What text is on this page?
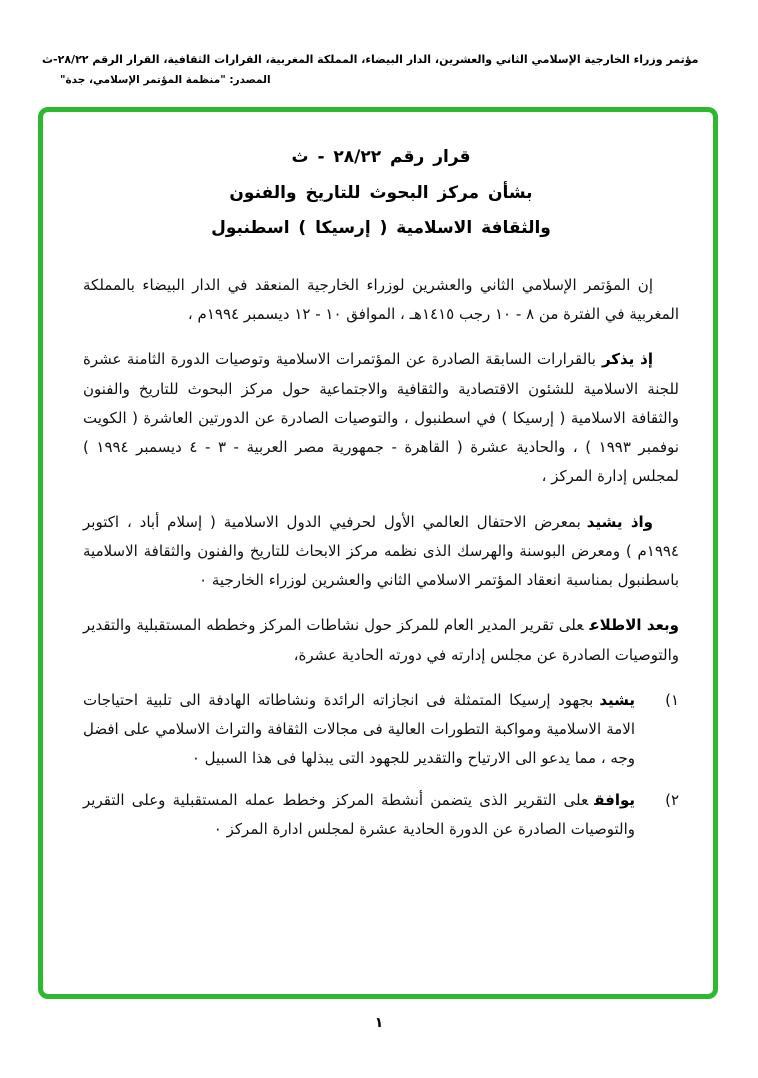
مؤتمر وزراء الخارجية الإسلامي الثاني والعشرين، الدار البيضاء، المملكة المغربية، القرارات الثقافية، القرار الرقم ٢٨/٢٢-ث
المصدر: "منظمة المؤتمر الإسلامي، جدة"
قرار رقم ٢٨/٢٢ - ث
بشأن مركز البحوث للتاريخ والفنون
والثقافة الاسلامية ( إرسيكا ) اسطنبول

إن المؤتمر الإسلامي الثاني والعشرين لوزراء الخارجية المنعقد في الدار البيضاء بالمملكة المغربية في الفترة من ٨ - ١٠ رجب ١٤١٥هـ ، الموافق ١٠ - ١٢ ديسمبر ١٩٩٤م ،

إذ يذكربالقرارات السابقة الصادرة عن المؤتمرات الاسلامية وتوصيات الدورة الثامنة عشرة للجنة الاسلامية للشئون الاقتصادية والثقافية والاجتماعية حول مركز البحوث للتاريخ والفنون والثقافة الاسلامية ( إرسيكا ) في اسطنبول ، والتوصيات الصادرة عن الدورتين العاشرة ( الكويت نوفمبر ١٩٩٣ ) ، والحادية عشرة ( القاهرة - جمهورية مصر العربية - ٣ - ٤ ديسمبر ١٩٩٤ ) لمجلس إدارة المركز ،

واذ يشيدبمعرض الاحتفال العالمي الأول لحرفيي الدول الاسلامية ( إسلام أباد ، اكتوبر ١٩٩٤م ) ومعرض البوسنة والهرسك الذى نظمه مركز الابحاث للتاريخ والفنون والثقافة الاسلامية باسطنبول بمناسبة انعقاد المؤتمر الاسلامي الثاني والعشرين لوزراء الخارجية ٠

وبعد الاطلاععلى تقرير المدير العام للمركز حول نشاطات المركز وخططه المستقبلية والتقدير والتوصيات الصادرة عن مجلس إدارته في دورته الحادية عشرة،

١)

يشيدبجهود إرسيكا المتمثلة فى انجازاته الرائدة ونشاطاته الهادفة الى تلبية احتياجات الامة الاسلامية ومواكبة التطورات العالية فى مجالات الثقافة والتراث الاسلامي على افضل وجه ، مما يدعو الى الارتياح والتقدير للجهود التى يبذلها فى هذا السبيل ٠

٢)

يوافقعلى التقرير الذى يتضمن أنشطة المركز وخطط عمله المستقبلية وعلى التقرير والتوصيات الصادرة عن الدورة الحادية عشرة لمجلس ادارة المركز ٠

١
